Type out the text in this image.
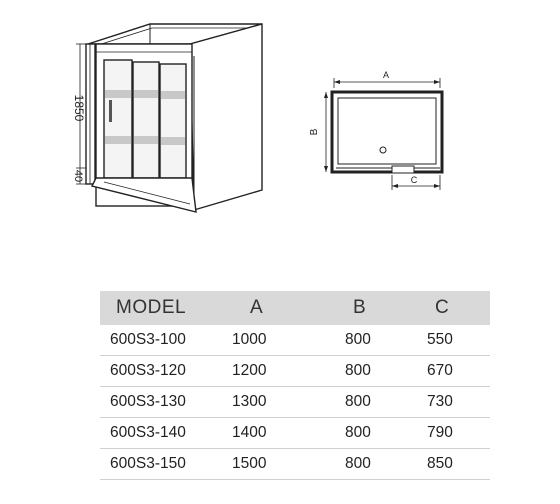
1850
40
A
B
C
MODEL	A	B	C
600S3-100	1000	800	550
600S3-120	1200	800	670
600S3-130	1300	800	730
600S3-140	1400	800	790
600S3-150	1500	800	850
